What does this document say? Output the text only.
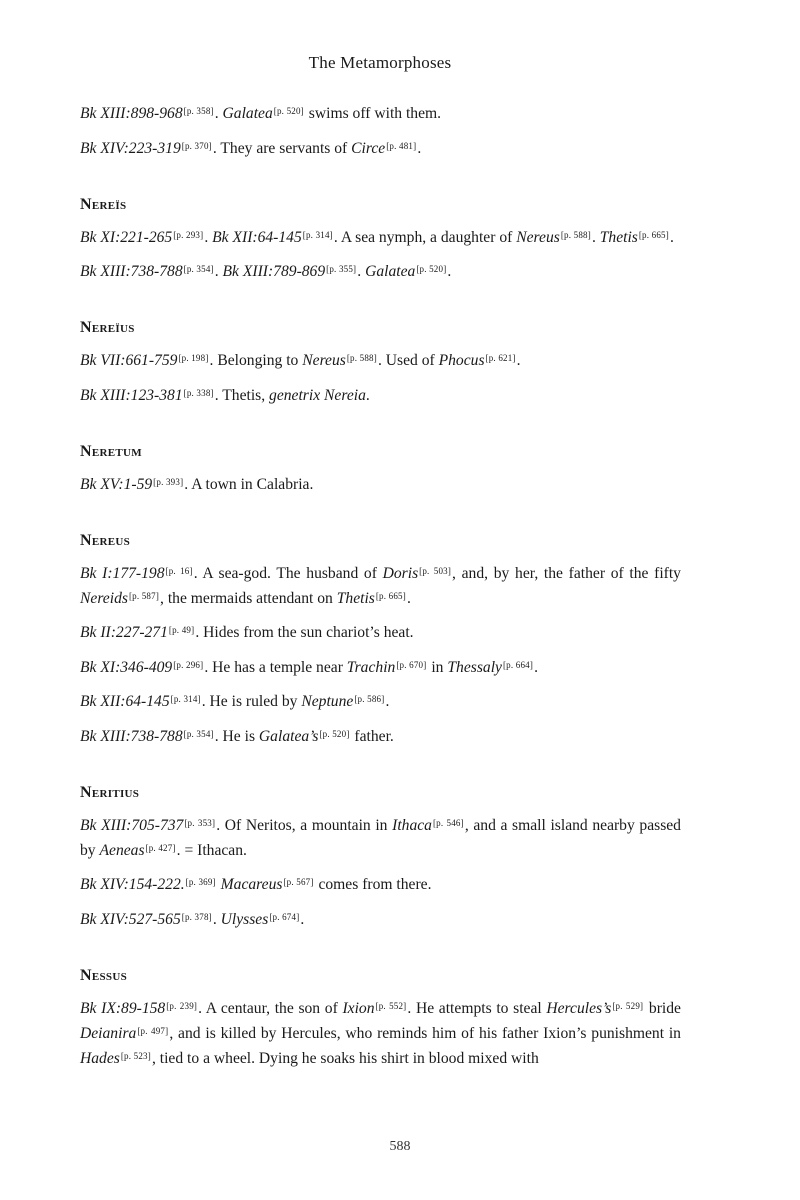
The Metamorphoses
Bk XIII:898-968[p. 358]. Galatea[p. 520] swims off with them.
Bk XIV:223-319[p. 370]. They are servants of Circe[p. 481].
Nereïs
Bk XI:221-265[p. 293]. Bk XII:64-145[p. 314]. A sea nymph, a daughter of Nereus[p. 588]. Thetis[p. 665].
Bk XIII:738-788[p. 354]. Bk XIII:789-869[p. 355]. Galatea[p. 520].
Nereïus
Bk VII:661-759[p. 198]. Belonging to Nereus[p. 588]. Used of Phocus[p. 621].
Bk XIII:123-381[p. 338]. Thetis, genetrix Nereia.
Neretum
Bk XV:1-59[p. 393]. A town in Calabria.
Nereus
Bk I:177-198[p. 16]. A sea-god. The husband of Doris[p. 503], and, by her, the father of the fifty Nereids[p. 587], the mermaids attendant on Thetis[p. 665].
Bk II:227-271[p. 49]. Hides from the sun chariot’s heat.
Bk XI:346-409[p. 296]. He has a temple near Trachin[p. 670] in Thessaly[p. 664].
Bk XII:64-145[p. 314]. He is ruled by Neptune[p. 586].
Bk XIII:738-788[p. 354]. He is Galatea’s[p. 520] father.
Neritius
Bk XIII:705-737[p. 353]. Of Neritos, a mountain in Ithaca[p. 546], and a small island nearby passed by Aeneas[p. 427]. = Ithacan.
Bk XIV:154-222.[p. 369] Macareus[p. 567] comes from there.
Bk XIV:527-565[p. 378]. Ulysses[p. 674].
Nessus
Bk IX:89-158[p. 239]. A centaur, the son of Ixion[p. 552]. He attempts to steal Hercules’s[p. 529] bride Deianira[p. 497], and is killed by Hercules, who reminds him of his father Ixion’s punishment in Hades[p. 523], tied to a wheel. Dying he soaks his shirt in blood mixed with
588
